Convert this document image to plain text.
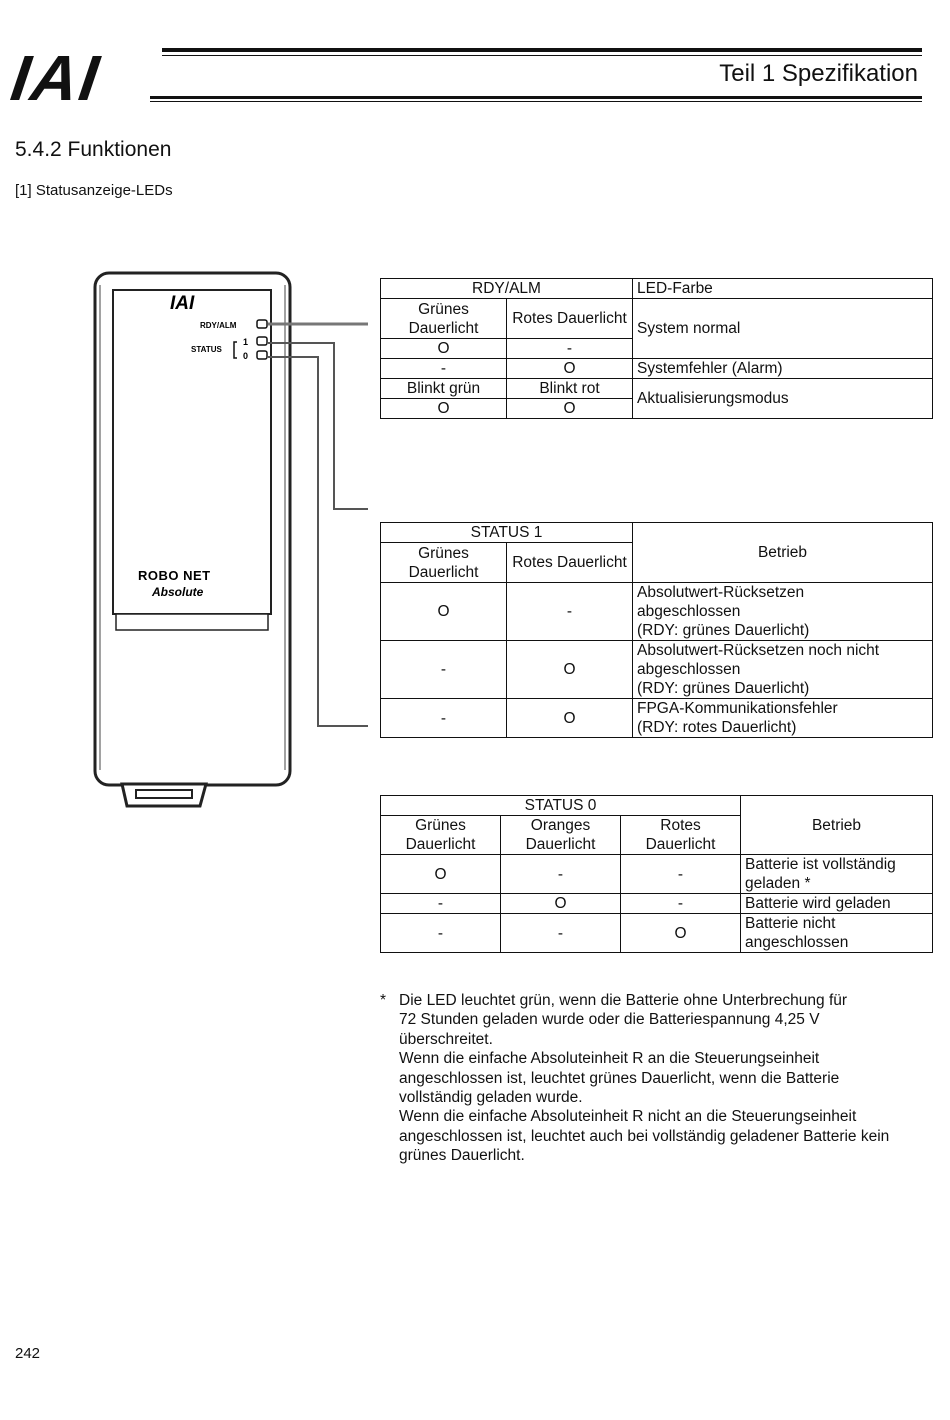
IAI	Teil 1 Spezifikation
5.4.2 Funktionen
[1] Statusanzeige-LEDs
IAI
RDY/ALM
STATUS
1
0
ROBO NET
Absolute
RDY/ALM		LED-Farbe
Grünes Dauerlicht	Rotes Dauerlicht	System normal
O	-	
-	O	Systemfehler (Alarm)
Blinkt grün	Blinkt rot	Aktualisierungsmodus
O	O	
STATUS 1		Betrieb
Grünes Dauerlicht	Rotes Dauerlicht	
O	-	Absolutwert-Rücksetzen
abgeschlossen
(RDY: grünes Dauerlicht)

-	O	Absolutwert-Rücksetzen noch nicht
abgeschlossen
(RDY: grünes Dauerlicht)

-	O	FPGA-Kommunikationsfehler
(RDY: rotes Dauerlicht)
STATUS 0			Betrieb
Grünes Dauerlicht	Oranges Dauerlicht	Rotes Dauerlicht	
O	-	-	Batterie ist vollständig
geladen *

-	O	-	Batterie wird geladen

-	-	O	Batterie nicht
angeschlossen
* Die LED leuchtet grün, wenn die Batterie ohne Unterbrechung für
72 Stunden geladen wurde oder die Batteriespannung 4,25 V
überschreitet.
Wenn die einfache Absoluteinheit R an die Steuerungseinheit
angeschlossen ist, leuchtet grünes Dauerlicht, wenn die Batterie
vollständig geladen wurde.
Wenn die einfache Absoluteinheit R nicht an die Steuerungseinheit
angeschlossen ist, leuchtet auch bei vollständig geladener Batterie kein
grünes Dauerlicht.
242
